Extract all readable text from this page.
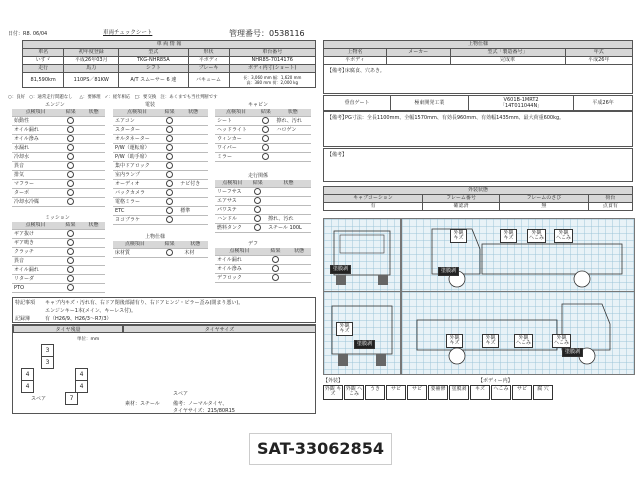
日付：R8. 06/04	車両チェックシート	管理番号：0538116
車 両 情 報				
車名	初年度登録	型式	形状	車台番号
いすゞ	平成26年03月	TKG-NHR85A	平ボディ	NHR85-7014176
走行	馬力	シフト	ブレーキ	ボディ内寸(ショート)
81,590km	110PS／81KW	A/T スムーサー 6 速	バキューム	長：3,060 mm 幅：1,620 mm
高：380 mm 荷：2,000 kg
○：良好 ○：通常走行問題なし △：要修理 ✓：経年相応 □：要交換 注：あくまでも当社判断です
エンジン
点検項目	結果	状態
始動性		
オイル漏れ		
オイル滲み		
水漏れ		
冷却水		
異音		
排気		
マフラー		
ターボ		
冷却水冷媒		
ミッション
点検項目	結果	状態
ギア抜け		
ギア鳴き		
クラッチ		
異音		
オイル漏れ		
リターダ		
PTO		
電装
点検項目	結果	状態
エアコン		
スターター		
オルタネーター		
P/W（運転席）		
P/W（助手席）		
集中ドアロック		
室内ランプ		
オーディオ		ナビ付き
バックカメラ		
電格ミラー		
ETC		標準
ヨコブラケ		
上物仕様
点検項目	結果	状態
床材質		木材
キャビン
点検項目	結果	状態
シート		擦れ、汚れ
ヘッドライト		ハロゲン
ウィンカー		
ワイパー		
ミラー		
走行関係
点検項目	結果	状態
リーフサス		
エアサス		
パワステ		
ハンドル		擦れ、汚れ
燃料タンク		スチール 100L
デフ
点検項目	結果	状態
オイル漏れ		
オイル滲み		
デフロック		
特記事項 キャブ内キズ・汚れ有、右ドア閉後部錆有り、右ドアヒンジ・ピラー歪み(閉まり悪い)。
エンジンキー1本(メイン、キーレス付)。
記録簿	有（H26/9、H26/3〜R7/3）
タイヤ残量	タイヤサイズ
単位：mm
3
3
4
4
4
4
スペア	7
スペア
素材：スチール	備考：ノーマルタイヤ、
タイヤサイズ：215/80R15
上物仕様			
上物名	メーカー	型式「製造番号」	年式
平ボディ		完成車	平成26年
【備考】
床腐食、穴あき。
垂直ゲート	極東開発工業	V601B-1MRT2
「14T011044N」	平成26年
【備考】
PG寸法：全長1100mm、全幅1570mm、有効長960mm、有効幅1435mm、最大荷重600kg。
【備考】
外装状態			
キャブコーション	フレーム番号	フレームのさび	荷台
有	確認済	無	点食有
塗膜剥
外観 キズ
外観 キズ
外観 へこみ
外観 へこみ
塗膜剥
外観 キズ
塗膜剥
外観 キズ
外観 キズ
外観 へこみ
外観 へこみ
塗膜剥
【外装】	【ボディー内】
外観 キズ
外観 へこみ
うき	サビ	サビ	要補修	塗膜剥	キズ	へこみ	サビ	腐 穴
SAT-33062854
